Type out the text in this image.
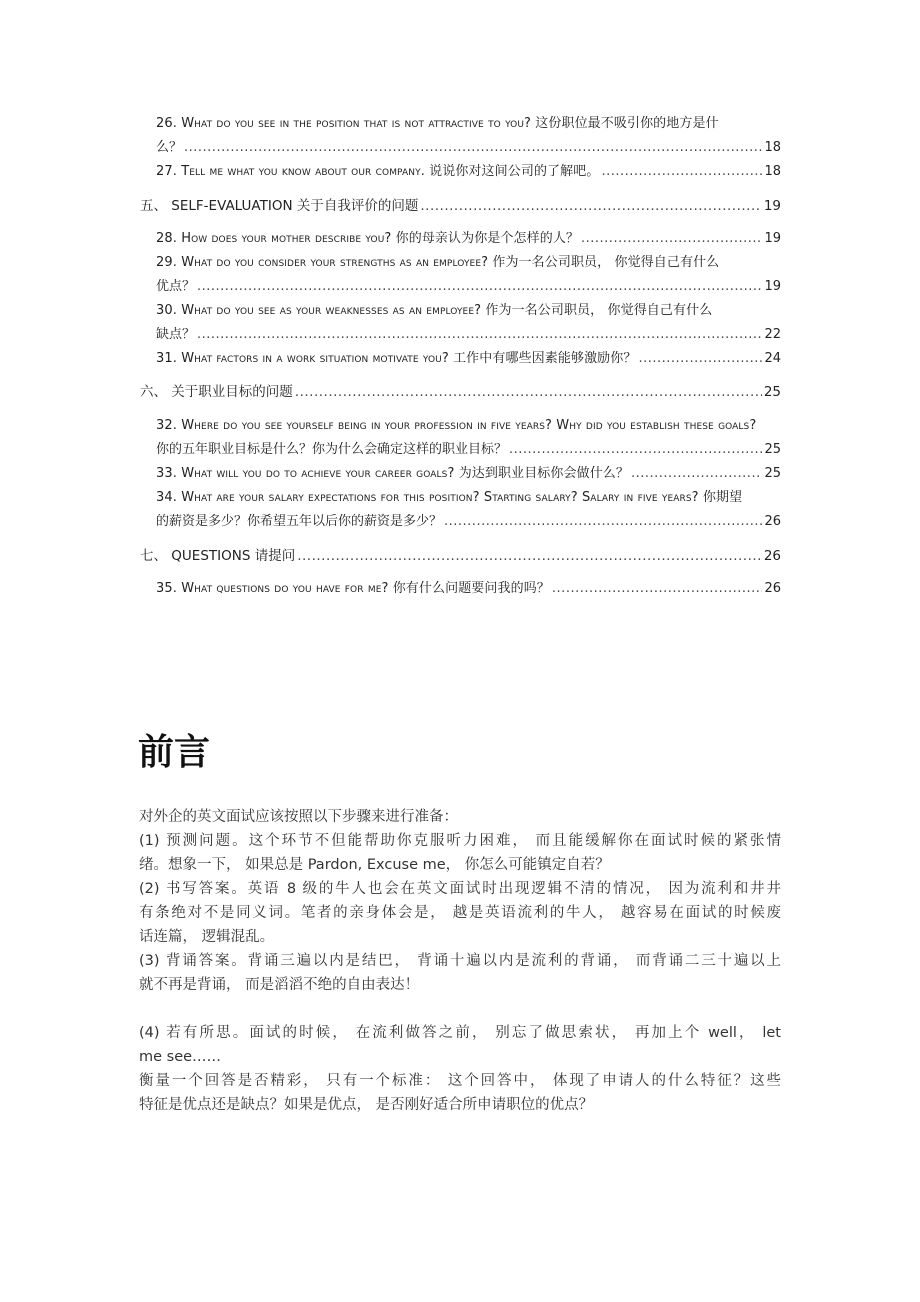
26. What do you see in the position that is not attractive to you? 这份职位最不吸引你的地方是什
么？ .....	18
27. Tell me what you know about our company. 说说你对这间公司的了解吧。 .....	18
五、 SELF-EVALUATION 关于自我评价的问题 .....	19
28. How does your mother describe you? 你的母亲认为你是个怎样的人？ .....	19
29. What do you consider your strengths as an employee? 作为一名公司职员， 你觉得自己有什么
优点？ .....	19
30. What do you see as your weaknesses as an employee? 作为一名公司职员， 你觉得自己有什么
缺点？ .....	22
31. What factors in a work situation motivate you? 工作中有哪些因素能够激励你？ .....	24
六、 关于职业目标的问题 .....	25
32. Where do you see yourself being in your profession in five years? Why did you establish these goals?
你的五年职业目标是什么？你为什么会确定这样的职业目标？ .....	25
33. What will you do to achieve your career goals? 为达到职业目标你会做什么？ .....	25
34. What are your salary expectations for this position? Starting salary? Salary in five years? 你期望
的薪资是多少？你希望五年以后你的薪资是多少？ .....	26
七、 QUESTIONS 请提问 .....	26
35. What questions do you have for me? 你有什么问题要问我的吗？ .....	26
前言
对外企的英文面试应该按照以下步骤来进行准备：
(1) 预测问题。这个环节不但能帮助你克服听力困难， 而且能缓解你在面试时候的紧张情
绪。想象一下， 如果总是 Pardon, Excuse me， 你怎么可能镇定自若？
(2) 书写答案。英语 8 级的牛人也会在英文面试时出现逻辑不清的情况， 因为流利和井井
有条绝对不是同义词。笔者的亲身体会是， 越是英语流利的牛人， 越容易在面试的时候废
话连篇， 逻辑混乱。
(3) 背诵答案。背诵三遍以内是结巴， 背诵十遍以内是流利的背诵， 而背诵二三十遍以上
就不再是背诵， 而是滔滔不绝的自由表达！
(4) 若有所思。面试的时候， 在流利做答之前， 别忘了做思索状， 再加上个 well， let
me see……
衡量一个回答是否精彩， 只有一个标准： 这个回答中， 体现了申请人的什么特征？这些
特征是优点还是缺点？如果是优点， 是否刚好适合所申请职位的优点？
